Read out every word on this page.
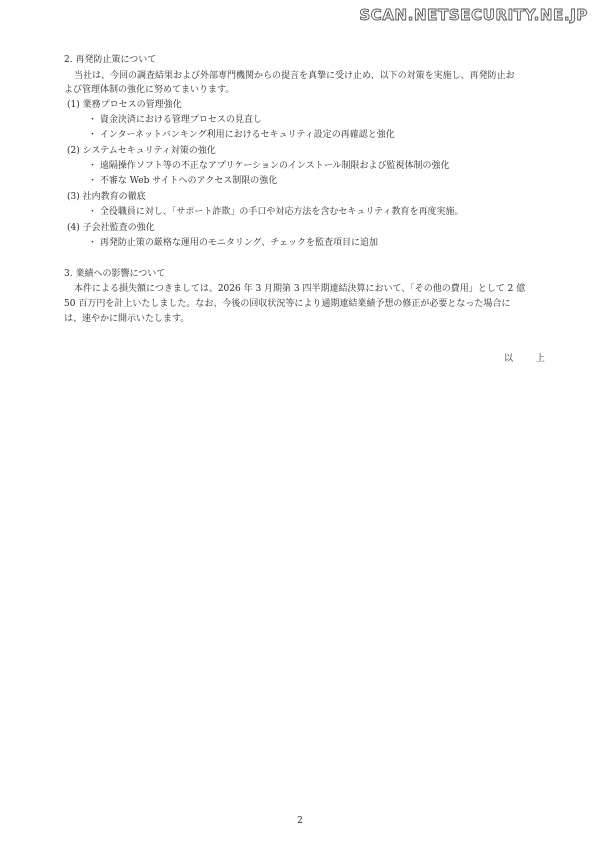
SCAN.NETSECURITY.NE.JP
2. 再発防止策について
当社は、今回の調査結果および外部専門機関からの提言を真摯に受け止め、以下の対策を実施し、再発防止お
よび管理体制の強化に努めてまいります。
(1) 業務プロセスの管理強化
・ 資金決済における管理プロセスの見直し
・ インターネットバンキング利用におけるセキュリティ設定の再確認と強化
(2) システムセキュリティ対策の強化
・ 遠隔操作ソフト等の不正なアプリケーションのインストール制限および監視体制の強化
・ 不審な Web サイトへのアクセス制限の強化
(3) 社内教育の徹底
・ 全役職員に対し、「サポート詐欺」の手口や対応方法を含むセキュリティ教育を再度実施。
(4) 子会社監査の強化
・ 再発防止策の厳格な運用のモニタリング、チェックを監査項目に追加
3. 業績への影響について
本件による損失額につきましては、2026 年 3 月期第 3 四半期連結決算において、「その他の費用」として 2 億
50 百万円を計上いたしました。なお、今後の回収状況等により通期連結業績予想の修正が必要となった場合に
は、速やかに開示いたします。
以 上
2
